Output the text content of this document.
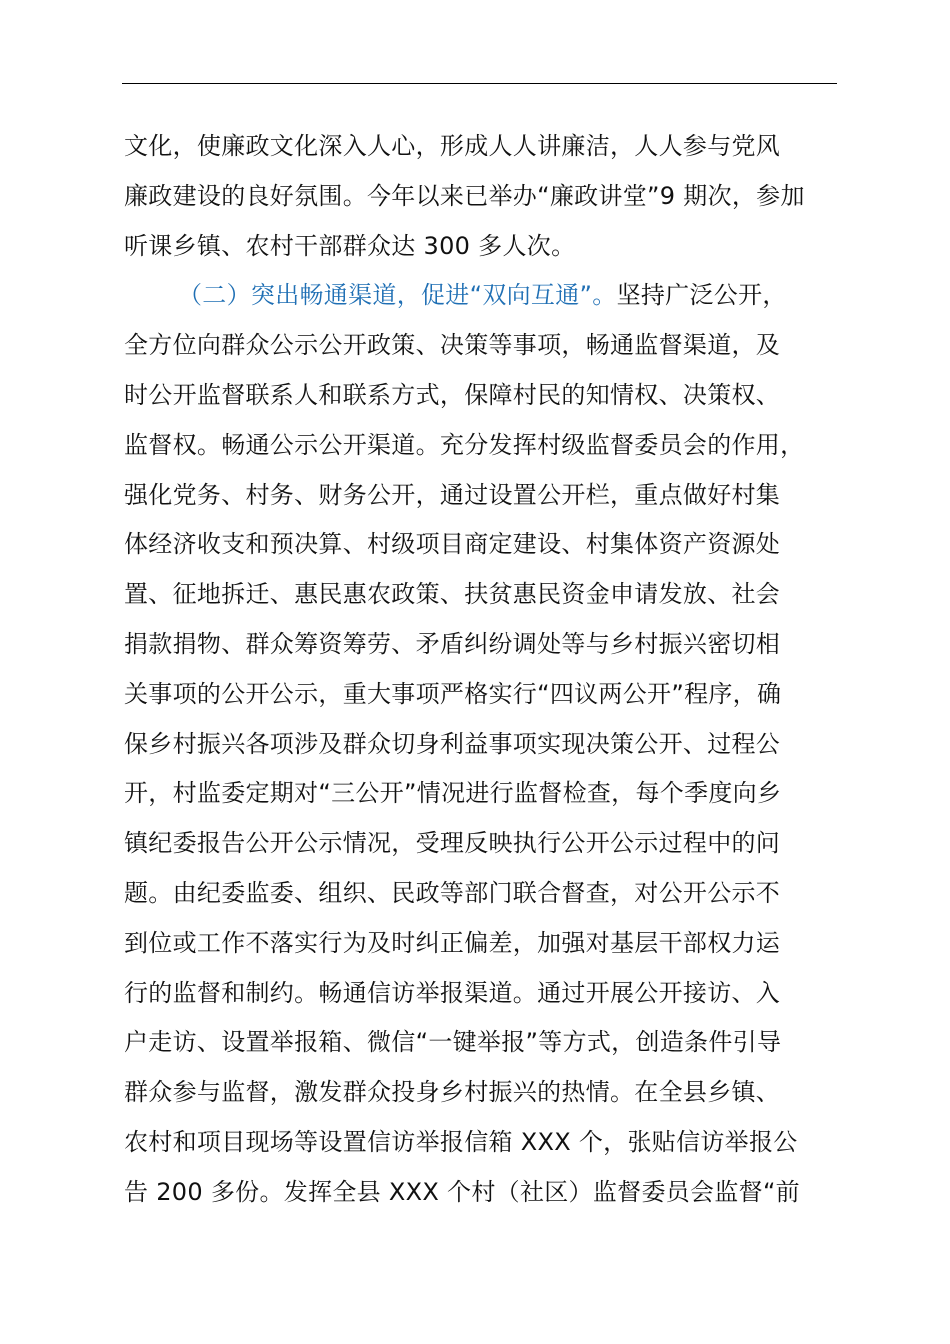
文化，使廉政文化深入人心，形成人人讲廉洁，人人参与党风
廉政建设的良好氛围。今年以来已举办“廉政讲堂”9 期次，参加
听课乡镇、农村干部群众达 300 多人次。
（二）突出畅通渠道，促进“双向互通”。坚持广泛公开，
全方位向群众公示公开政策、决策等事项，畅通监督渠道，及
时公开监督联系人和联系方式，保障村民的知情权、决策权、
监督权。畅通公示公开渠道。充分发挥村级监督委员会的作用，
强化党务、村务、财务公开，通过设置公开栏，重点做好村集
体经济收支和预决算、村级项目商定建设、村集体资产资源处
置、征地拆迁、惠民惠农政策、扶贫惠民资金申请发放、社会
捐款捐物、群众筹资筹劳、矛盾纠纷调处等与乡村振兴密切相
关事项的公开公示，重大事项严格实行“四议两公开”程序，确
保乡村振兴各项涉及群众切身利益事项实现决策公开、过程公
开，村监委定期对“三公开”情况进行监督检查，每个季度向乡
镇纪委报告公开公示情况，受理反映执行公开公示过程中的问
题。由纪委监委、组织、民政等部门联合督查，对公开公示不
到位或工作不落实行为及时纠正偏差，加强对基层干部权力运
行的监督和制约。畅通信访举报渠道。通过开展公开接访、入
户走访、设置举报箱、微信“一键举报”等方式，创造条件引导
群众参与监督，激发群众投身乡村振兴的热情。在全县乡镇、
农村和项目现场等设置信访举报信箱 XXX 个，张贴信访举报公
告 200 多份。发挥全县 XXX 个村（社区）监督委员会监督“前
